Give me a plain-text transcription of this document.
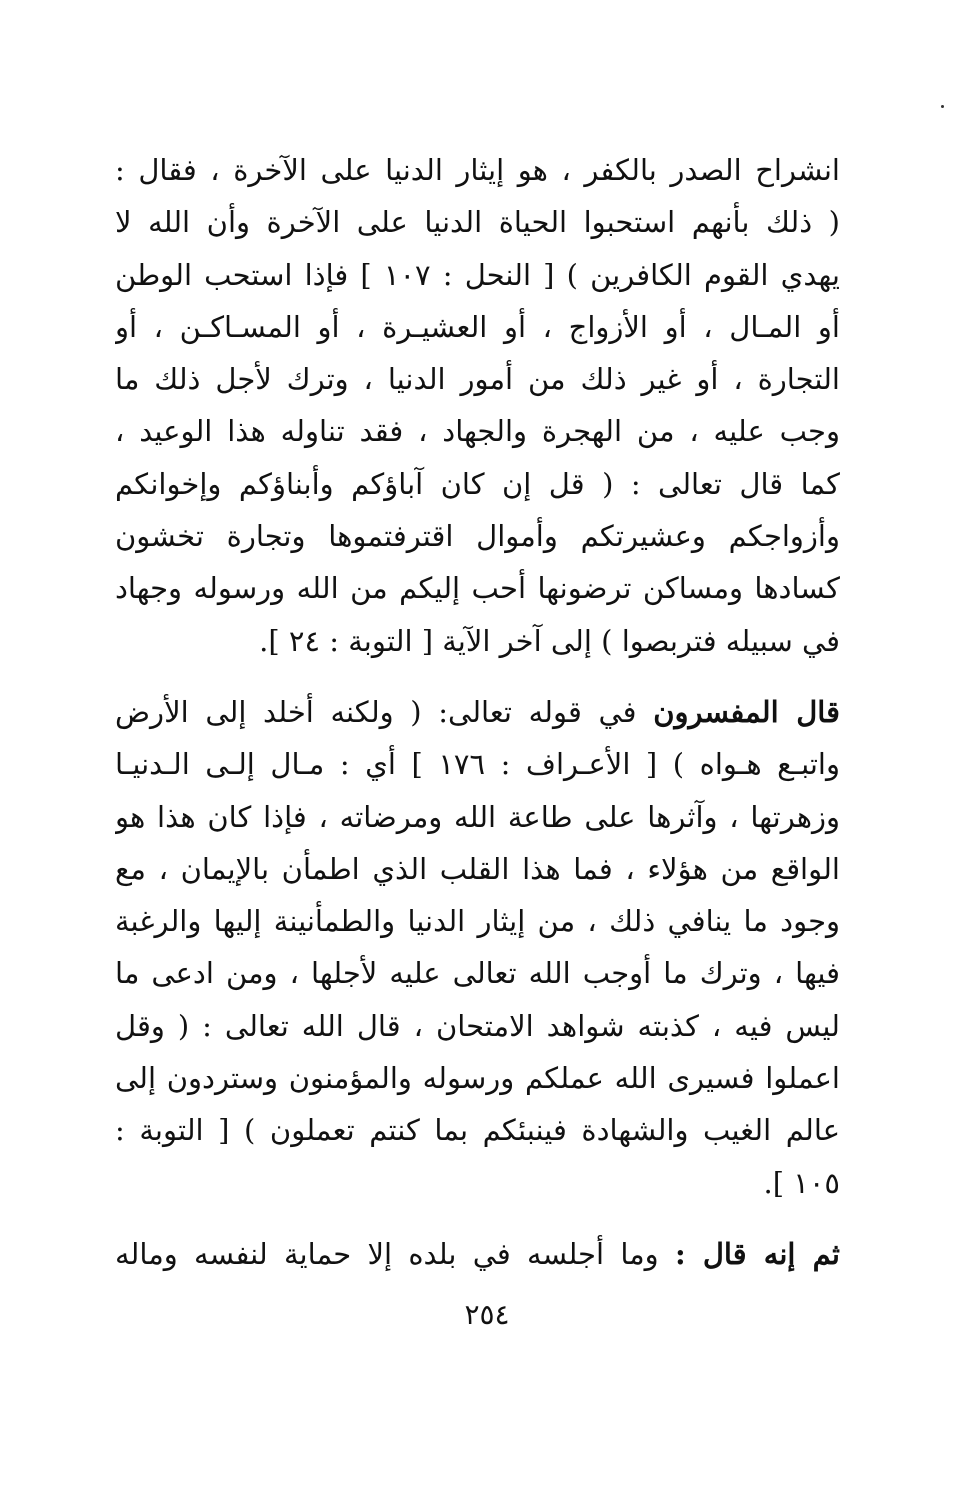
انشراح الصدر بالكفر ، هو إيثار الدنيا على الآخرة ، فقال :
( ذلك بأنهم استحبوا الحياة الدنيا على الآخرة وأن الله لا
يهدي القوم الكافرين ) [ النحل : ١٠٧ ] فإذا استحب الوطن
أو المـال ، أو الأزواج ، أو العشيـرة ، أو المسـاكـن ، أو
التجارة ، أو غير ذلك من أمور الدنيا ، وترك لأجل ذلك ما
وجب عليه ، من الهجرة والجهاد ، فقد تناوله هذا الوعيد ،
كما قال تعالى : ( قل إن كان آباؤكم وأبناؤكم وإخوانكم
وأزواجكم وعشيرتكم وأموال اقترفتموها وتجارة تخشون
كسادها ومساكن ترضونها أحب إليكم من الله ورسوله وجهاد
في سبيله فتربصوا ) إلى آخر الآية [ التوبة : ٢٤ ].
قال المفسرون في قوله تعالى: ( ولكنه أخلد إلى الأرض
واتبـع هـواه ) [ الأعـراف : ١٧٦ ] أي : مـال إلـى الـدنيـا
وزهرتها ، وآثرها على طاعة الله ومرضاته ، فإذا كان هذا هو
الواقع من هؤلاء ، فما هذا القلب الذي اطمأن بالإيمان ، مع
وجود ما ينافي ذلك ، من إيثار الدنيا والطمأنينة إليها والرغبة
فيها ، وترك ما أوجب الله تعالى عليه لأجلها ، ومن ادعى ما
ليس فيه ، كذبته شواهد الامتحان ، قال الله تعالى : ( وقل
اعملوا فسيرى الله عملكم ورسوله والمؤمنون وستردون إلى
عالم الغيب والشهادة فينبئكم بما كنتم تعملون ) [ التوبة :
١٠٥ ].
ثم إنه قال : وما أجلسه في بلده إلا حماية لنفسه وماله
٢٥٤
